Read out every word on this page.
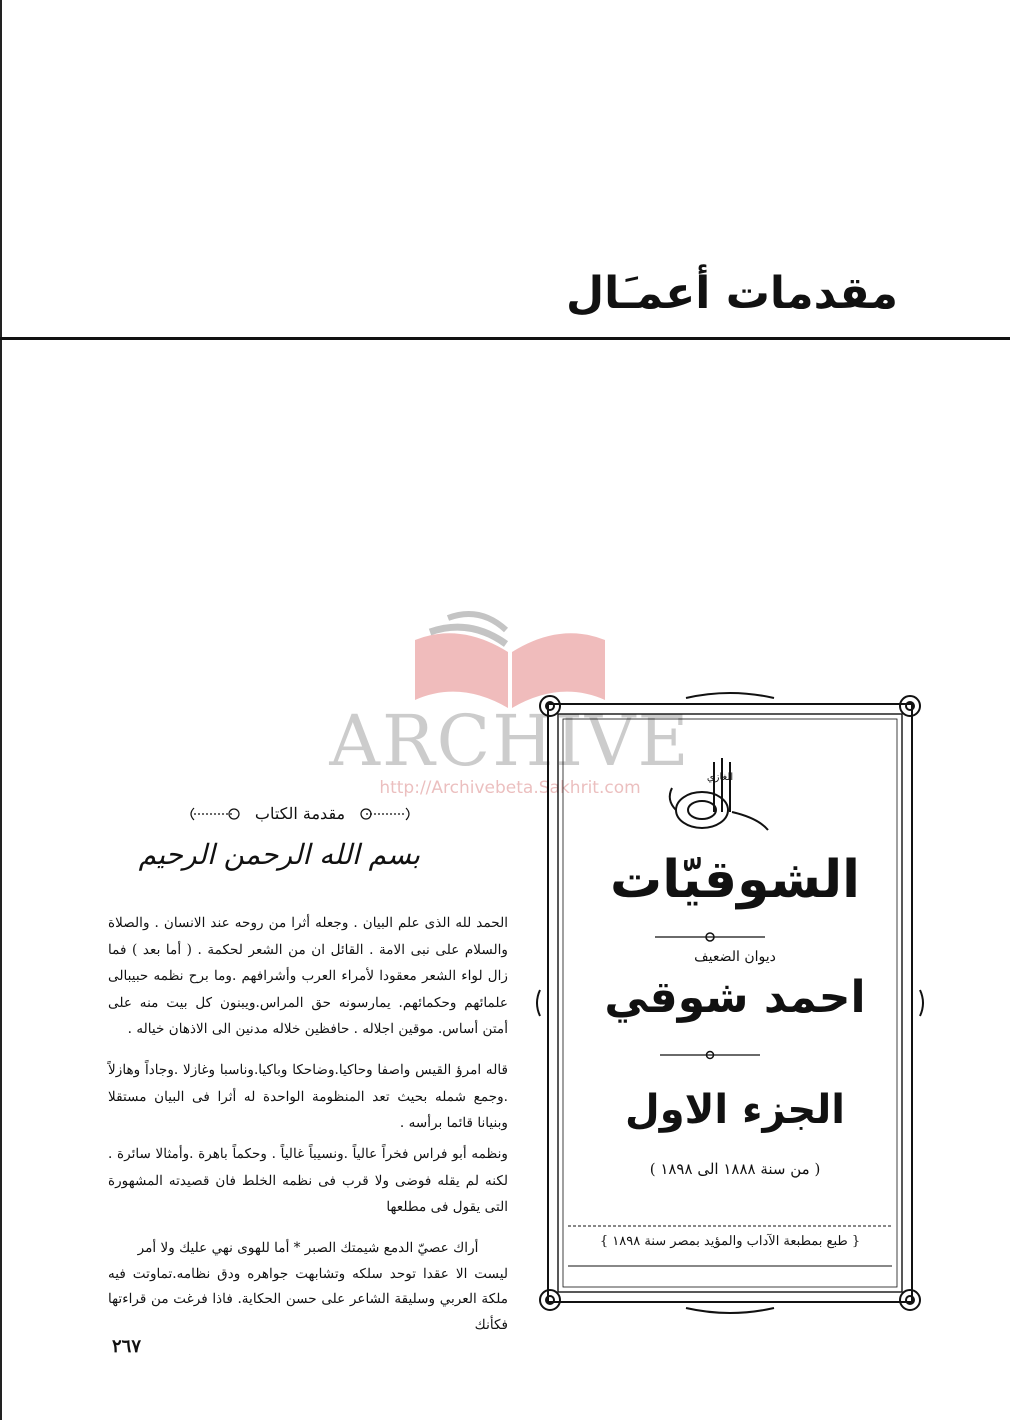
مقدمات أعمـَال
ARCHIVE
http://Archivebeta.Sakhrit.com
الغازي
الشوقيّات
ديوان الضعيف
احمد شوقي
الجزء الاول
( من سنة ١٨٨٨ الى ١٨٩٨ )
{ طبع بمطبعة الآداب والمؤيد بمصر سنة ١٨٩٨ }
مقدمة الكتاب
بسم الله الرحمن الرحيم
الحمد لله الذى علم البيان . وجعله أثرا من روحه عند الانسان . والصلاة والسلام على نبى الامة . القائل ان من الشعر لحكمة . ( أما بعد ) فما زال لواء الشعر معقودا لأمراء العرب وأشرافهم .وما برح نظمه حبيبالى علمائهم وحكمائهم. يمارسونه حق المراس.ويبنون كل بيت منه على أمتن أساس. موقين اجلاله . حافظين خلاله مدنين الى الاذهان خياله .
قاله امرؤ القيس واصفا وحاكيا.وضاحكا وباكيا.وناسبا وغازلا .وجاداً وهازلاً .وجمع شمله بحيث تعد المنظومة الواحدة له أثرا فى البيان مستقلا وبنيانا قائما برأسه .
ونظمه أبو فراس فخراً عالياً .ونسيباً غالياً . وحكماً باهرة .وأمثالا سائرة . لكنه لم يقله فوضى ولا قرب فى نظمه الخلط فان قصيدته المشهورة التى يقول فى مطلعها
أراك عصيّ الدمع شيمتك الصبر * أما للهوى نهي عليك ولا أمر
ليست الا عقدا توحد سلكه وتشابهت جواهره ودق نظامه.تماوتت فيه ملكة العربي وسليقة الشاعر على حسن الحكاية. فاذا فرغت من قراءتها فكأنك
٢٦٧
